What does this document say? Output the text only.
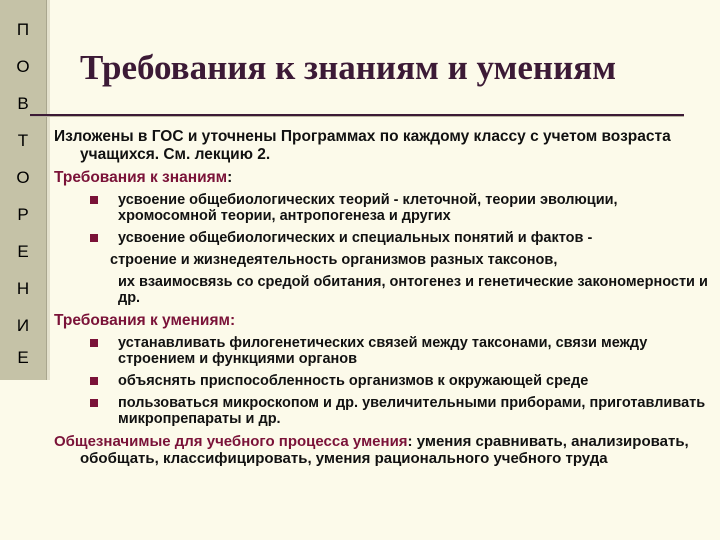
П
О
В
Т
О
Р
Е
Н
И
Е
Требования к знаниям и умениям

Изложены в ГОС и уточнены Программах по каждому классу с учетом возраста учащихся. См. лекцию 2.

Требования к знаниям:

усвоение общебиологических теорий - клеточной, теории эволюции, хромосомной теории, антропогенеза и других
усвоение общебиологических и специальных понятий и фактов -
строение и жизнедеятельность организмов разных таксонов,
их взаимосвязь со средой обитания, онтогенез и генетические закономерности и др.

Требования к умениям:

устанавливать филогенетических связей между таксонами, связи между строением и функциями органов
объяснять приспособленность организмов к окружающей среде
пользоваться микроскопом и др. увеличительными приборами, приготавливать микропрепараты и др.

Общезначимые для учебного процесса умения: умения сравнивать, анализировать, обобщать, классифицировать, умения рационального учебного труда
